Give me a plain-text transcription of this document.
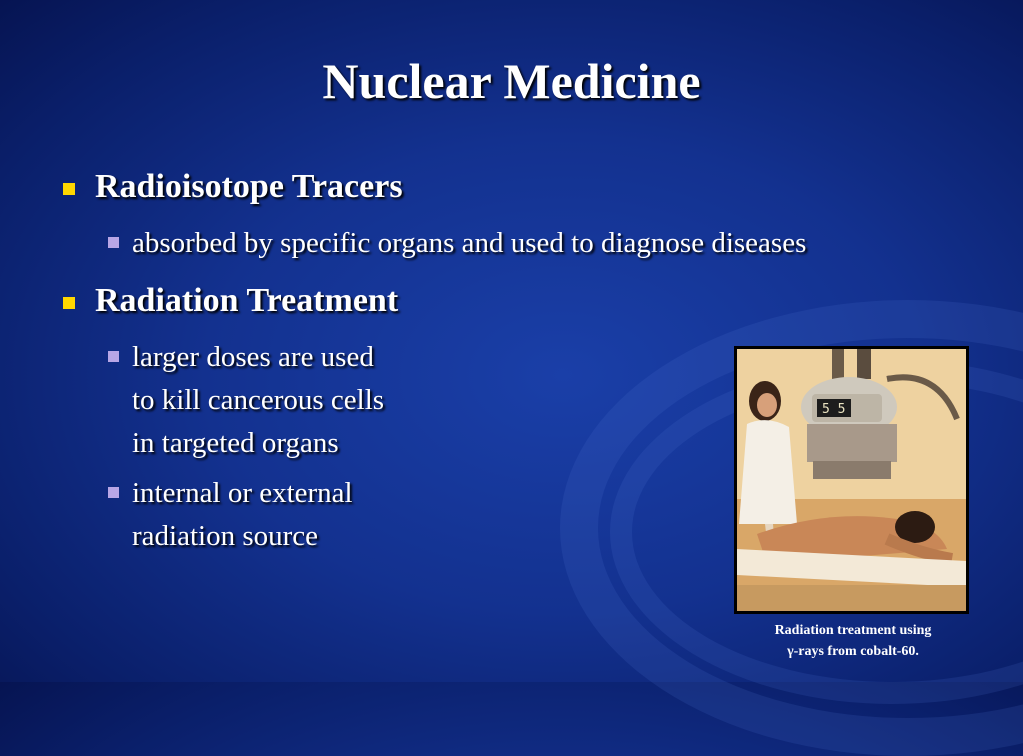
Nuclear Medicine
Radioisotope Tracers
absorbed by specific organs and used to diagnose diseases
Radiation Treatment
larger doses are used
to kill cancerous cells
in targeted organs
internal or external
radiation source
5 5
Radiation treatment using
γ-rays from cobalt-60.
